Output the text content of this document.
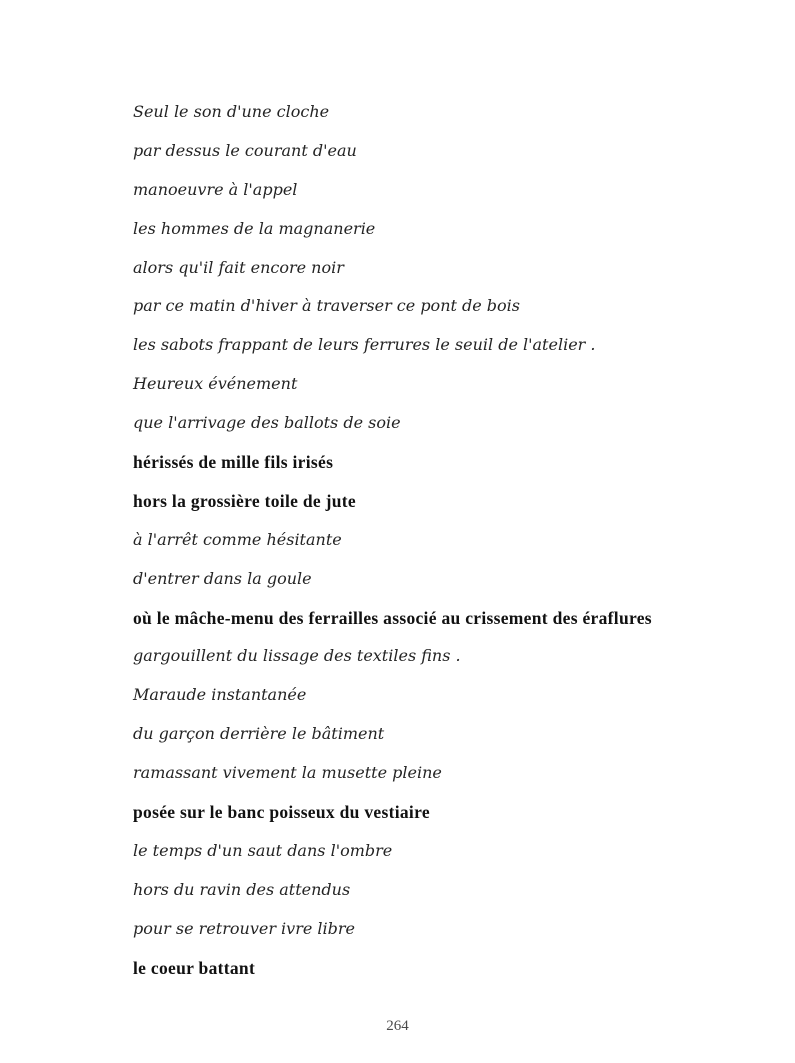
Seul le son d'une cloche
par dessus le courant d'eau
manoeuvre à l'appel
les hommes de la magnanerie
alors qu'il fait encore noir
par ce matin d'hiver à traverser ce pont de bois
les sabots frappant de leurs ferrures le seuil de l'atelier .
Heureux événement
que l'arrivage des ballots de soie
hérissés de mille fils irisés
hors la grossière toile de jute
à l'arrêt comme hésitante
d'entrer dans la goule
où le mâche-menu des ferrailles associé au crissement des éraflures
gargouillent du lissage des textiles fins .
Maraude instantanée
du garçon derrière le bâtiment
ramassant vivement la musette pleine
posée sur le banc poisseux du vestiaire
le temps d'un saut dans l'ombre
hors du ravin des attendus
pour se retrouver ivre libre
le coeur battant
264
